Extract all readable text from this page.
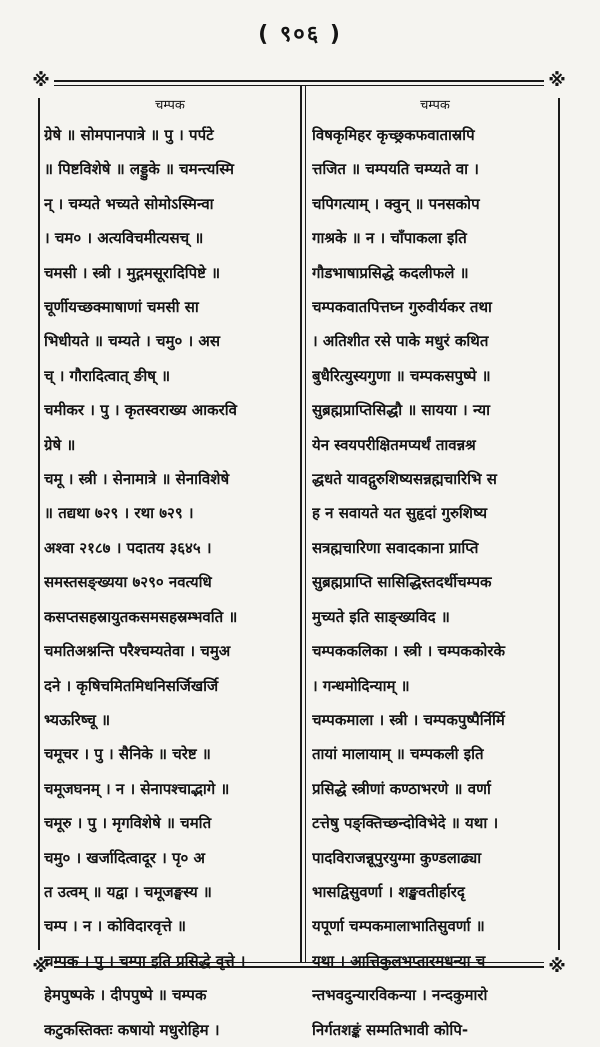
( ९०६ )
※	※
※	※
चम्पक
ग्रेषे ॥ सोमपानपात्रे ॥ पु । पर्पटे
॥ पिष्टविशेषे ॥ लड्डुके ॥ चमन्त्यस्मि
न् । चम्यते भच्यते सोमोऽस्मिन्वा
। चम० । अत्यविचमीत्यसच् ॥
चमसी । स्त्री । मुद्गमसूरादिपिष्टे ॥
चूर्णीयच्छक्माषाणां चमसी सा
भिधीयते ॥ चम्यते । चमु० । अस
च् । गौरादित्वात् ङीष् ॥
चमीकर । पु । कृतस्वराख्य आकरवि
ग्रेषे ॥
चमू । स्त्री । सेनामात्रे ॥ सेनाविशेषे
॥ तद्यथा ७२९ । रथा ७२९ ।
अश्वा २१८७ । पदातय ३६४५ ।
समस्तसङ्ख्यया ७२९० नवत्यधि
कसप्तसहस्रायुतकसमसहस्रम्भवति ॥
चमतिअश्नन्ति परैश्चम्यतेवा । चमुअ
दने । कृषिचमितमिधनिसर्जिखर्जि
भ्यऊरिष्चू ॥
चमूचर । पु । सैनिके ॥ चरेष्ट ॥
चमूजघनम् । न । सेनापश्चाद्भागे ॥
चमूरु । पु । मृगविशेषे ॥ चमति
चमु० । खर्जादित्वादूर । पृ० अ
त उत्वम् ॥ यद्वा । चमूजङ्घस्य ॥
चम्प । न । कोविदारवृत्ते ॥
चम्पक । पु । चम्पा इति प्रसिद्धे वृत्ते ।
हेमपुष्पके । दीपपुष्पे ॥ चम्पक
कटुकस्तिक्तः कषायो मधुरोहिम ।
चम्पक
विषकृमिहर कृच्छ्रकफवातास्रपि
त्तजित ॥ चम्पयति चम्प्यते वा ।
चपिगत्याम् । क्वुन् ॥ पनसकोप
गाश्रके ॥ न । चाँपाकला इति
गौडभाषाप्रसिद्धे कदलीफले ॥
चम्पकवातपित्तघ्न गुरुवीर्यकर तथा
। अतिशीत रसे पाके मधुरं कथित
बुधैरित्युस्यगुणा ॥ चम्पकसपुष्पे ॥
सुब्रह्मप्राप्तिसिद्धौ ॥ सायया । न्या
येन स्वयपरीक्षितमप्यर्थं तावन्नश्र
द्धधते यावद्गुरुशिष्यसन्नह्मचारिभि स
ह न सवायते यत सुहृदां गुरुशिष्य
सत्रह्मचारिणा सवादकाना प्राप्ति
सुब्रह्मप्राप्ति सासिद्धिस्तदर्थीचम्पक
मुच्यते इति साङ्ख्यविद ॥
चम्पककलिका । स्त्री । चम्पककोरके
। गन्धमोदिन्याम् ॥
चम्पकमाला । स्त्री । चम्पकपुष्पैर्निर्मि
तायां मालायाम् ॥ चम्पकली इति
प्रसिद्धे स्त्रीणां कण्ठाभरणे ॥ वर्णा
टत्तेषु पङ्क्तिच्छन्दोविभेदे ॥ यथा ।
पादविराजन्नूपुरयुग्मा कुण्डलाढ्या
भासद्विसुवर्णा । शङ्खवतीर्हारदृ
यपूर्णा चम्पकमालाभातिसुवर्णा ॥
यथा । आत्तिकुलभप्तारमधन्या च
न्तभवदुन्यारविकन्या । नन्दकुमारो
निर्गतशङ्कं सम्मतिभावी कोपि-
